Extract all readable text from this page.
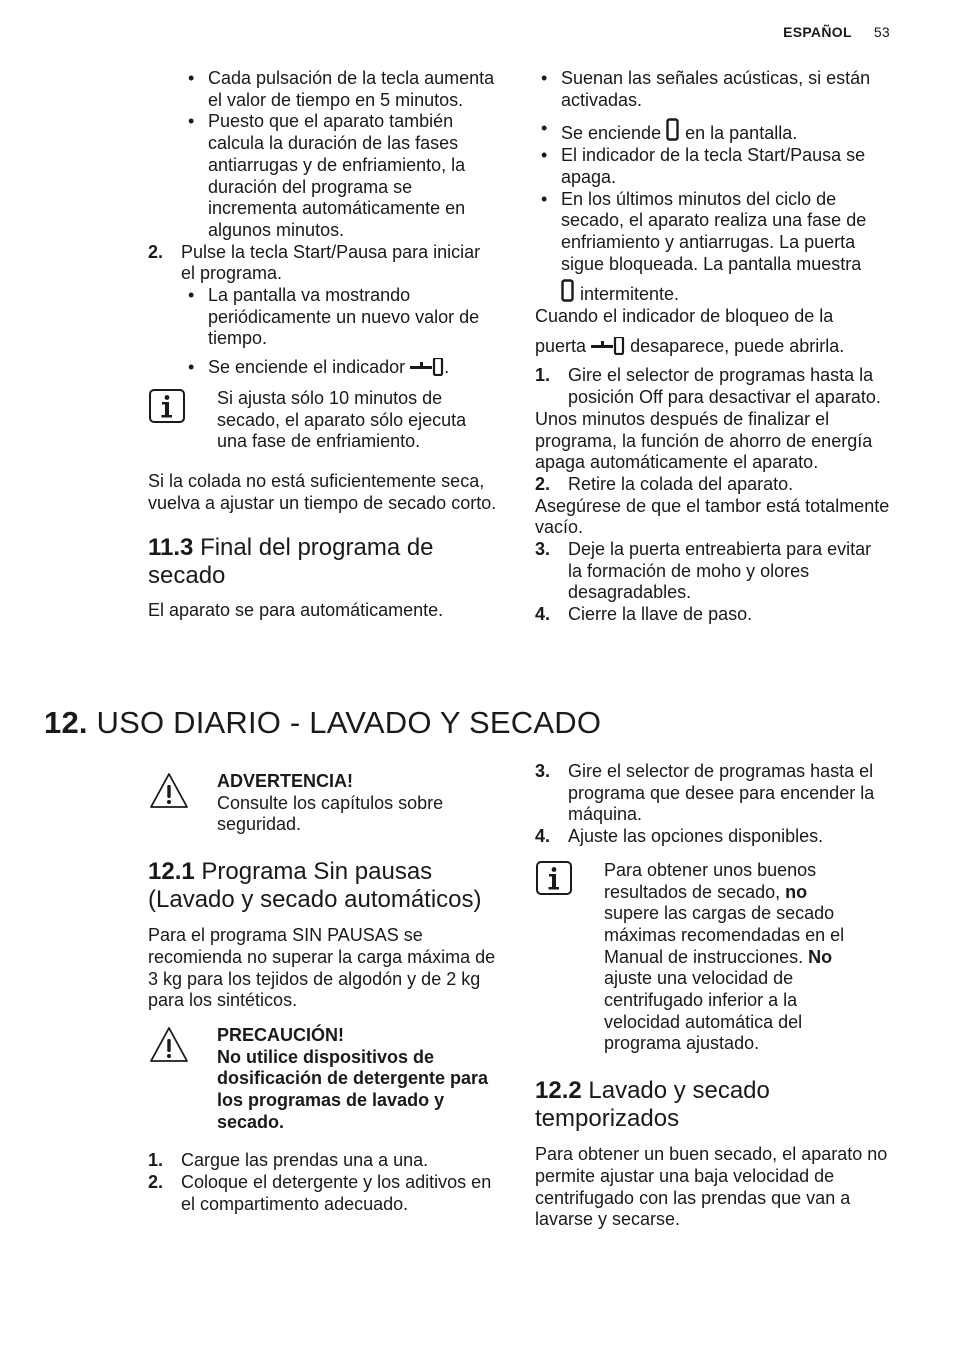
ESPAÑOL 53
• Cada pulsación de la tecla aumenta el valor de tiempo en 5 minutos.
• Puesto que el aparato también calcula la duración de las fases antiarrugas y de enfriamiento, la duración del programa se incrementa automáticamente en algunos minutos.
2. Pulse la tecla Start/Pausa para iniciar el programa.
• La pantalla va mostrando periódicamente un nuevo valor de tiempo.
• Se enciende el indicador .
Si ajusta sólo 10 minutos de secado, el aparato sólo ejecuta una fase de enfriamiento.

Si la colada no está suficientemente seca, vuelva a ajustar un tiempo de secado corto.

11.3 Final del programa de secado

El aparato se para automáticamente.

• Suenan las señales acústicas, si están activadas.
• Se enciende en la pantalla.
• El indicador de la tecla Start/Pausa se apaga.
• En los últimos minutos del ciclo de secado, el aparato realiza una fase de enfriamiento y antiarrugas. La puerta sigue bloqueada. La pantalla muestra

intermitente.

Cuando el indicador de bloqueo de la

puerta desaparece, puede abrirla.

1. Gire el selector de programas hasta la posición Off para desactivar el aparato.

Unos minutos después de finalizar el programa, la función de ahorro de energía apaga automáticamente el aparato.

2. Retire la colada del aparato.

Asegúrese de que el tambor está totalmente vacío.

3. Deje la puerta entreabierta para evitar la formación de moho y olores desagradables.
4. Cierre la llave de paso.
12. USO DIARIO - LAVADO Y SECADO
ADVERTENCIA!
Consulte los capítulos sobre seguridad.
12.1 Programa Sin pausas (Lavado y secado automáticos)

Para el programa SIN PAUSAS se recomienda no superar la carga máxima de 3 kg para los tejidos de algodón y de 2 kg para los sintéticos.

PRECAUCIÓN!
No utilice dispositivos de dosificación de detergente para los programas de lavado y secado.
1. Cargue las prendas una a una.
2. Coloque el detergente y los aditivos en el compartimento adecuado.
3. Gire el selector de programas hasta el programa que desee para encender la máquina.
4. Ajuste las opciones disponibles.
Para obtener unos buenos resultados de secado, no supere las cargas de secado máximas recomendadas en el Manual de instrucciones. No ajuste una velocidad de centrifugado inferior a la velocidad automática del programa ajustado.
12.2 Lavado y secado temporizados

Para obtener un buen secado, el aparato no permite ajustar una baja velocidad de centrifugado con las prendas que van a lavarse y secarse.
